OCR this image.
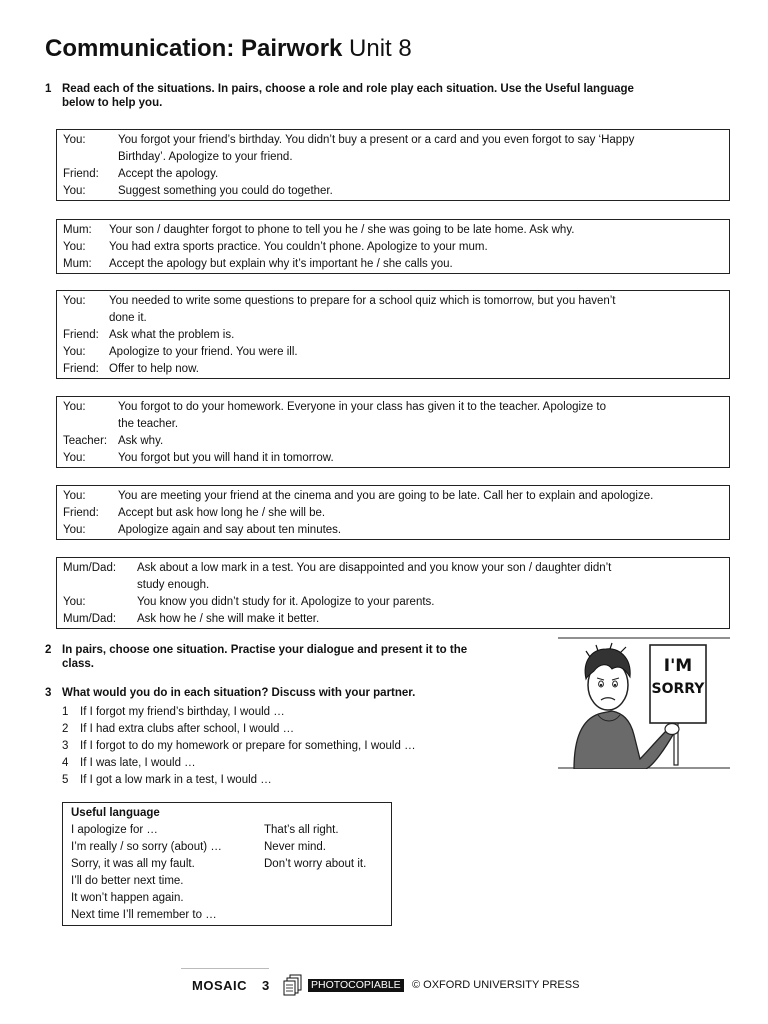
Communication: Pairwork Unit 8
1 Read each of the situations. In pairs, choose a role and role play each situation. Use the Useful language
below to help you.
You:	You forgot your friend’s birthday. You didn’t buy a present or a card and you even forgot to say ‘Happy
Birthday’. Apologize to your friend.
Friend: Accept the apology.
You:	Suggest something you could do together.
Mum: Your son / daughter forgot to phone to tell you he / she was going to be late home. Ask why.
You: You had extra sports practice. You couldn’t phone. Apologize to your mum.
Mum: Accept the apology but explain why it’s important he / she calls you.
You: You needed to write some questions to prepare for a school quiz which is tomorrow, but you haven’t
done it.
Friend: Ask what the problem is.
You: Apologize to your friend. You were ill.
Friend: Offer to help now.
You:	You forgot to do your homework. Everyone in your class has given it to the teacher. Apologize to
the teacher.
Teacher: Ask why.
You:	You forgot but you will hand it in tomorrow.
You:	You are meeting your friend at the cinema and you are going to be late. Call her to explain and apologize.
Friend: Accept but ask how long he / she will be.
You:	Apologize again and say about ten minutes.
Mum/Dad: Ask about a low mark in a test. You are disappointed and you know your son / daughter didn’t
study enough.
You:	You know you didn’t study for it. Apologize to your parents.
Mum/Dad: Ask how he / she will make it better.
2 In pairs, choose one situation. Practise your dialogue and present it to the
class.
3 What would you do in each situation? Discuss with your partner.
1 If I forgot my friend’s birthday, I would …
2 If I had extra clubs after school, I would …
3 If I forgot to do my homework or prepare for something, I would …
4 If I was late, I would …
5 If I got a low mark in a test, I would …
Useful language
I apologize for …
I’m really / so sorry (about) …
Sorry, it was all my fault.
I’ll do better next time.
It won’t happen again.
Next time I’ll remember to …
That’s all right.
Never mind.
Don’t worry about it.
I'M
SORRY
MOSAIC 3	PHOTOCOPIABLE © OXFORD UNIVERSITY PRESS
